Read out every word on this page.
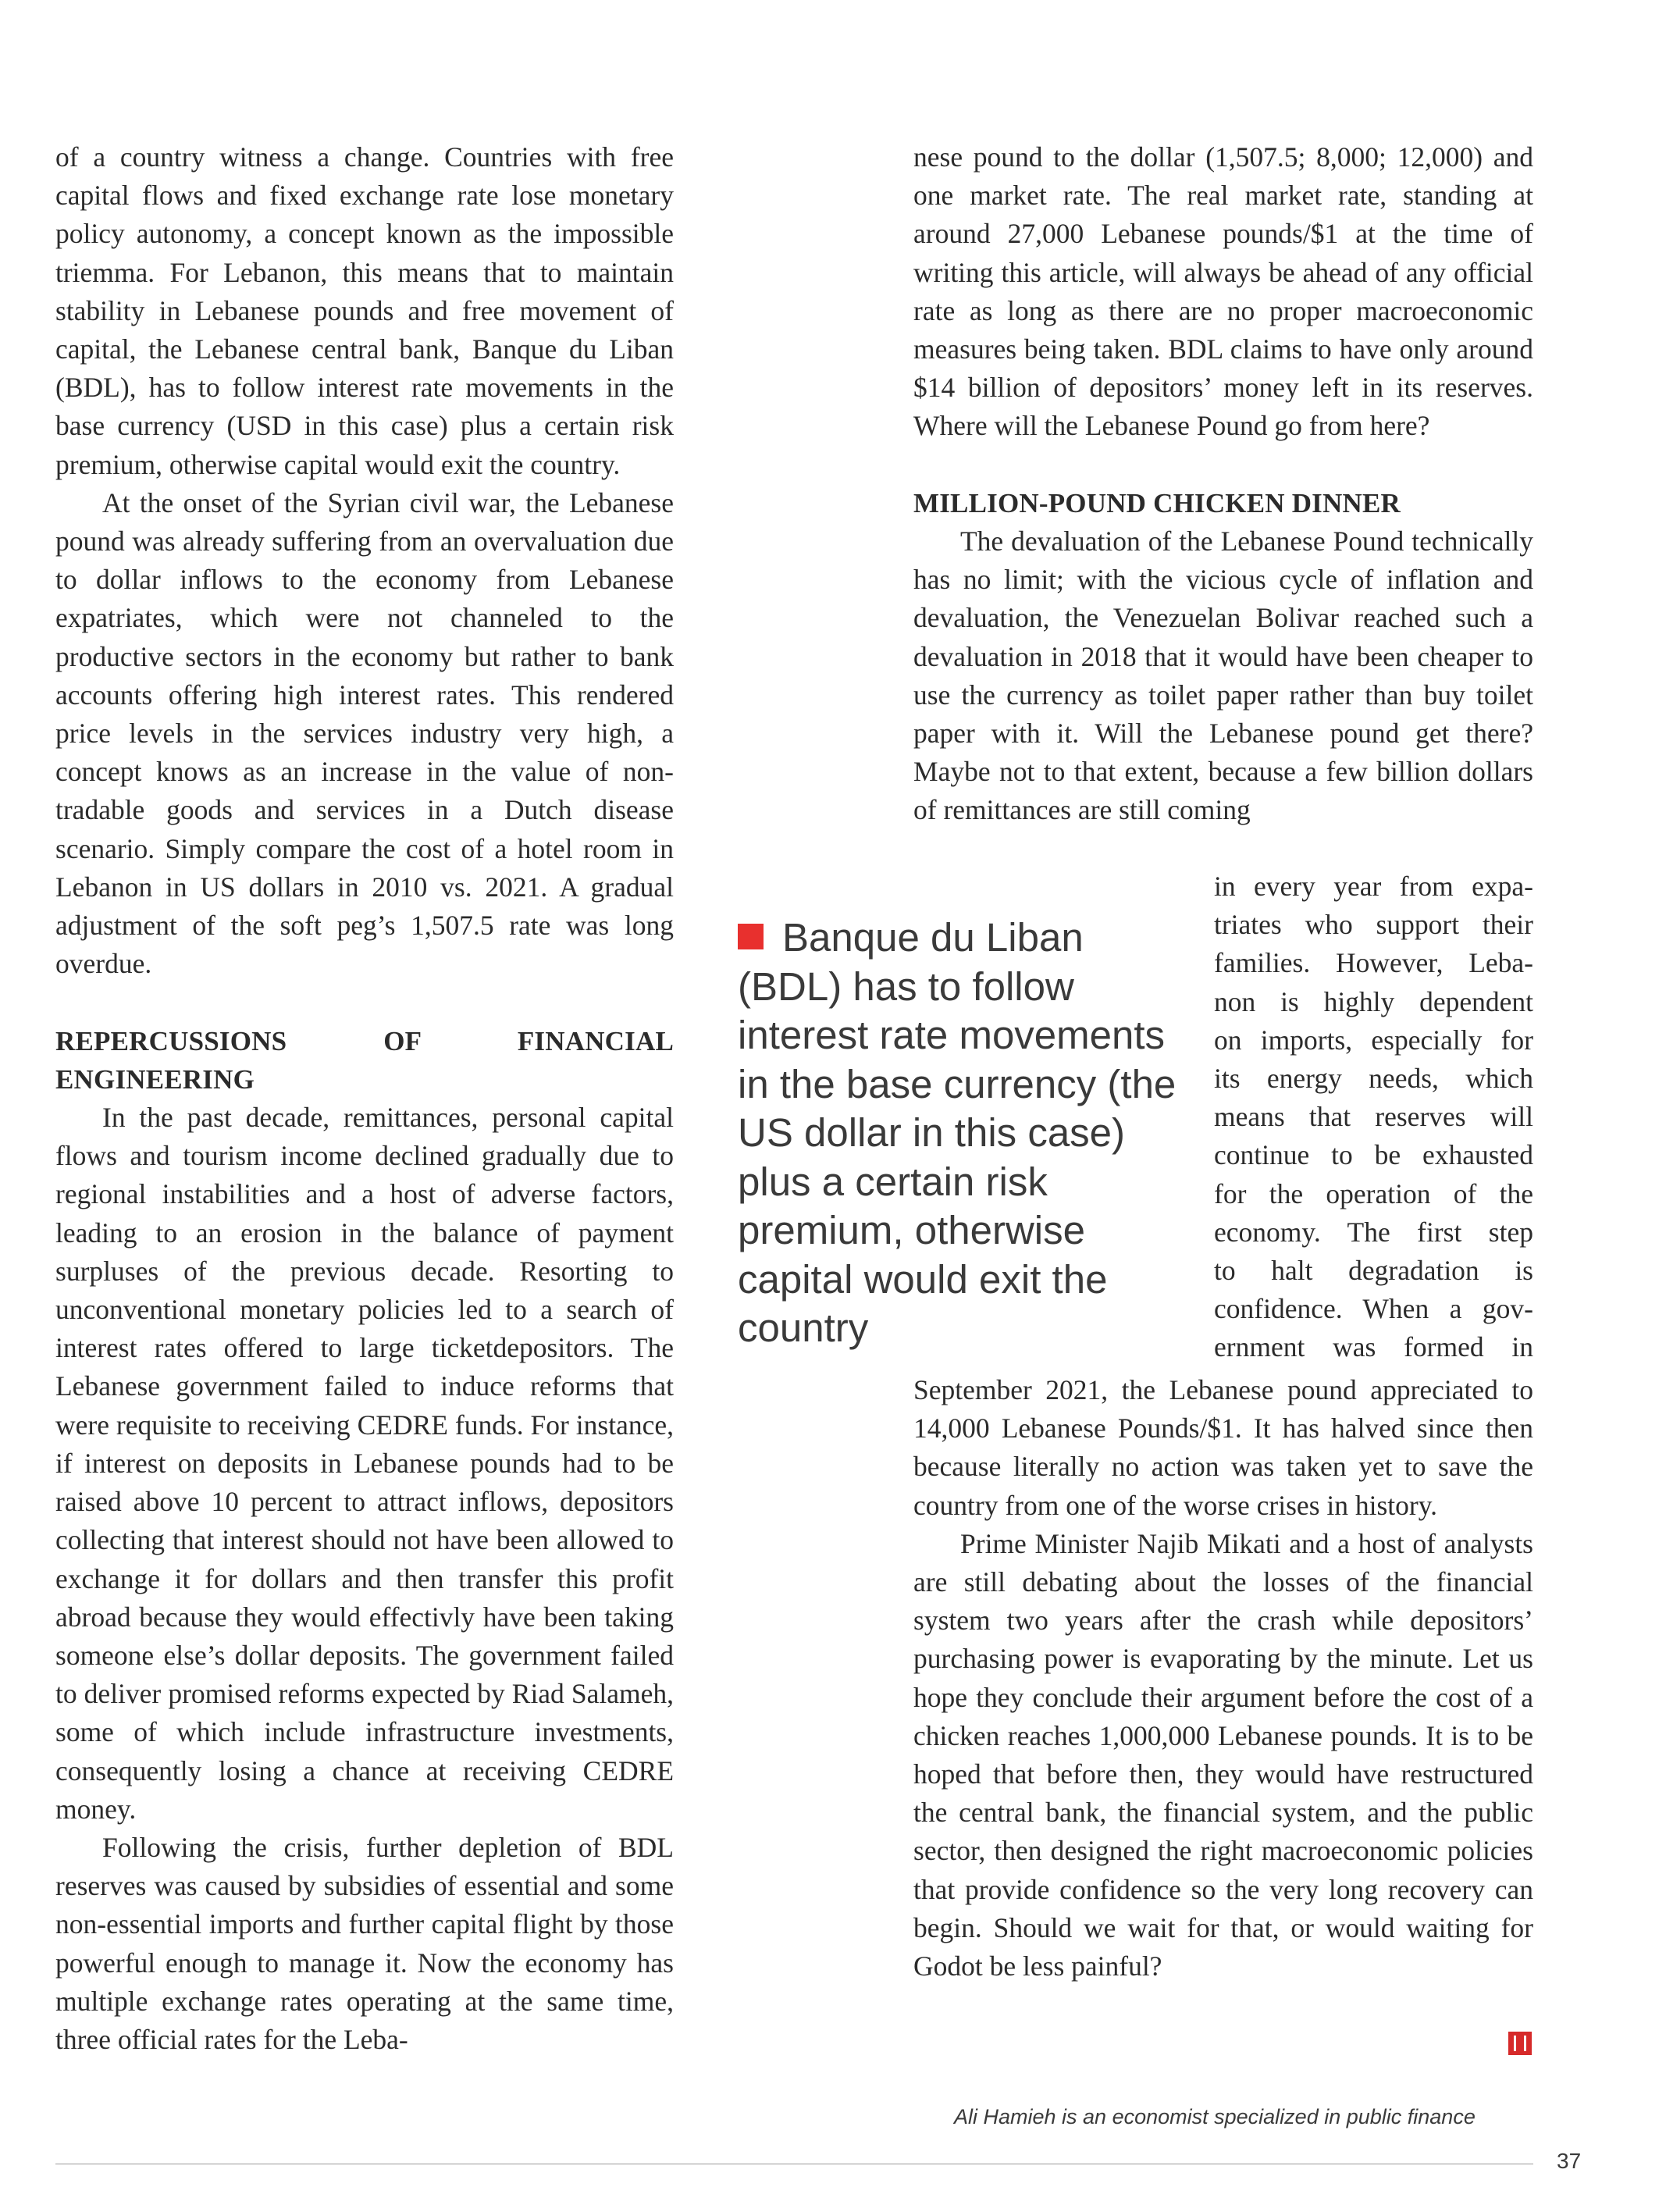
of a country witness a change. Countries with free capital flows and fixed exchange rate lose monetary policy autonomy, a concept known as the impossible triemma. For Lebanon, this means that to maintain stability in Lebanese pounds and free movement of capital, the Lebanese central bank, Banque du Liban (BDL), has to follow interest rate movements in the base currency (USD in this case) plus a certain risk premium, otherwise capital would exit the country.

At the onset of the Syrian civil war, the Lebanese pound was already suffering from an overvaluation due to dollar inflows to the economy from Lebanese expatriates, which were not channeled to the productive sectors in the economy but rather to bank accounts offering high interest rates. This rendered price levels in the services industry very high, a concept knows as an increase in the value of non-tradable goods and services in a Dutch disease scenario. Simply compare the cost of a hotel room in Lebanon in US dollars in 2010 vs. 2021. A gradual adjustment of the soft peg’s 1,507.5 rate was long overdue.

REPERCUSSIONS OF FINANCIAL ENGINEERING

In the past decade, remittances, personal capital flows and tourism income declined gradually due to regional instabilities and a host of adverse factors, leading to an erosion in the balance of payment surpluses of the previous decade. Resorting to unconventional monetary policies led to a search of interest rates offered to large ticketdepositors. The Lebanese government failed to induce reforms that were requisite to receiving CEDRE funds. For instance, if interest on deposits in Lebanese pounds had to be raised above 10 percent to attract inflows, depositors collecting that interest should not have been allowed to exchange it for dollars and then transfer this profit abroad because they would effectivly have been taking someone else’s dollar deposits. The government failed to deliver promised reforms expected by Riad Salameh, some of which include infrastructure investments, consequently losing a chance at receiving CEDRE money.

Following the crisis, further depletion of BDL reserves was caused by subsidies of essential and some non-essential imports and further capital flight by those powerful enough to manage it. Now the economy has multiple exchange rates operating at the same time, three official rates for the Leba-

nese pound to the dollar (1,507.5; 8,000; 12,000) and one market rate. The real market rate, standing at around 27,000 Lebanese pounds/$1 at the time of writing this article, will always be ahead of any official rate as long as there are no proper macroeconomic measures being taken. BDL claims to have only around $14 billion of depositors’ money left in its reserves. Where will the Lebanese Pound go from here?

MILLION-POUND CHICKEN DINNER

The devaluation of the Lebanese Pound technically has no limit; with the vicious cycle of inflation and devaluation, the Venezuelan Bolivar reached such a devaluation in 2018 that it would have been cheaper to use the currency as toilet paper rather than buy toilet paper with it. Will the Lebanese pound get there? Maybe not to that extent, because a few billion dollars of remittances are still coming

in every year from expa-
triates who support their
families. However, Leba-
non is highly dependent
on imports, especially for
its energy needs, which
means that reserves will
continue to be exhausted
for the operation of the
economy. The first step
to halt degradation is
confidence. When a gov-
ernment was formed in
Banque du Liban (BDL) has to follow interest rate movements in the base currency (the US dollar in this case) plus a certain risk premium, otherwise capital would exit the country

September 2021, the Lebanese pound appreciated to 14,000 Lebanese Pounds/$1. It has halved since then because literally no action was taken yet to save the country from one of the worse crises in history.

Prime Minister Najib Mikati and a host of analysts are still debating about the losses of the financial system two years after the crash while depositors’ purchasing power is evaporating by the minute. Let us hope they conclude their argument before the cost of a chicken reaches 1,000,000 Lebanese pounds. It is to be hoped that before then, they would have restructured the central bank, the financial system, and the public sector, then designed the right macroeconomic policies that provide confidence so the very long recovery can begin. Should we wait for that, or would waiting for Godot be less painful?

Ali Hamieh is an economist specialized in public finance
37
